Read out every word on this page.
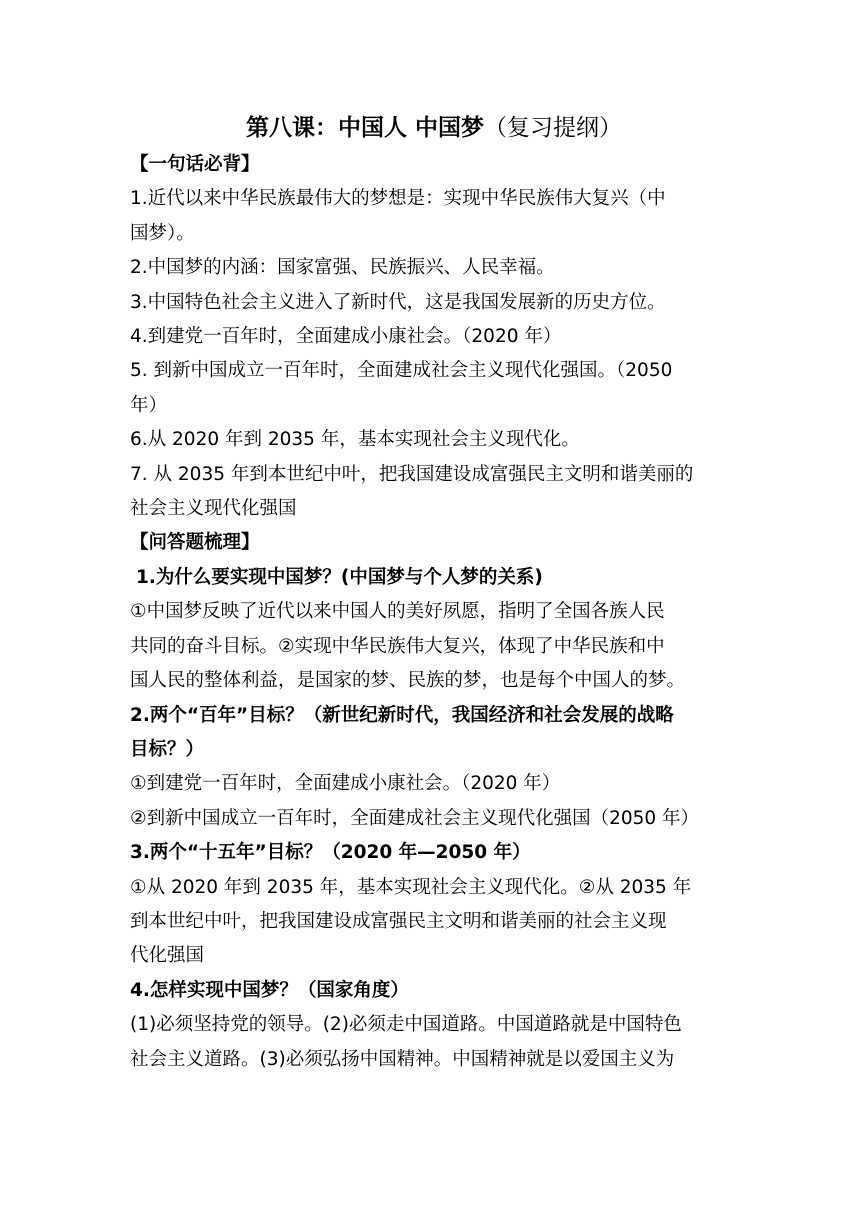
第八课：中国人 中国梦（复习提纲）

【一句话必背】

1.近代以来中华民族最伟大的梦想是：实现中华民族伟大复兴（中

国梦）。

2.中国梦的内涵：国家富强、民族振兴、人民幸福。

3.中国特色社会主义进入了新时代，这是我国发展新的历史方位。

4.到建党一百年时，全面建成小康社会。（2020 年）

5. 到新中国成立一百年时，全面建成社会主义现代化强国。（2050

年）

6.从 2020 年到 2035 年，基本实现社会主义现代化。

7. 从 2035 年到本世纪中叶，把我国建设成富强民主文明和谐美丽的

社会主义现代化强国

【问答题梳理】

1.为什么要实现中国梦？(中国梦与个人梦的关系)

①中国梦反映了近代以来中国人的美好夙愿，指明了全国各族人民

共同的奋斗目标。②实现中华民族伟大复兴，体现了中华民族和中

国人民的整体利益，是国家的梦、民族的梦，也是每个中国人的梦。

2.两个“百年”目标？（新世纪新时代，我国经济和社会发展的战略

目标？）

①到建党一百年时，全面建成小康社会。（2020 年）

②到新中国成立一百年时，全面建成社会主义现代化强国（2050 年）

3.两个“十五年”目标？（2020 年—2050 年）

①从 2020 年到 2035 年，基本实现社会主义现代化。②从 2035 年

到本世纪中叶，把我国建设成富强民主文明和谐美丽的社会主义现

代化强国

4.怎样实现中国梦？（国家角度）

(1)必须坚持党的领导。(2)必须走中国道路。中国道路就是中国特色

社会主义道路。(3)必须弘扬中国精神。中国精神就是以爱国主义为
